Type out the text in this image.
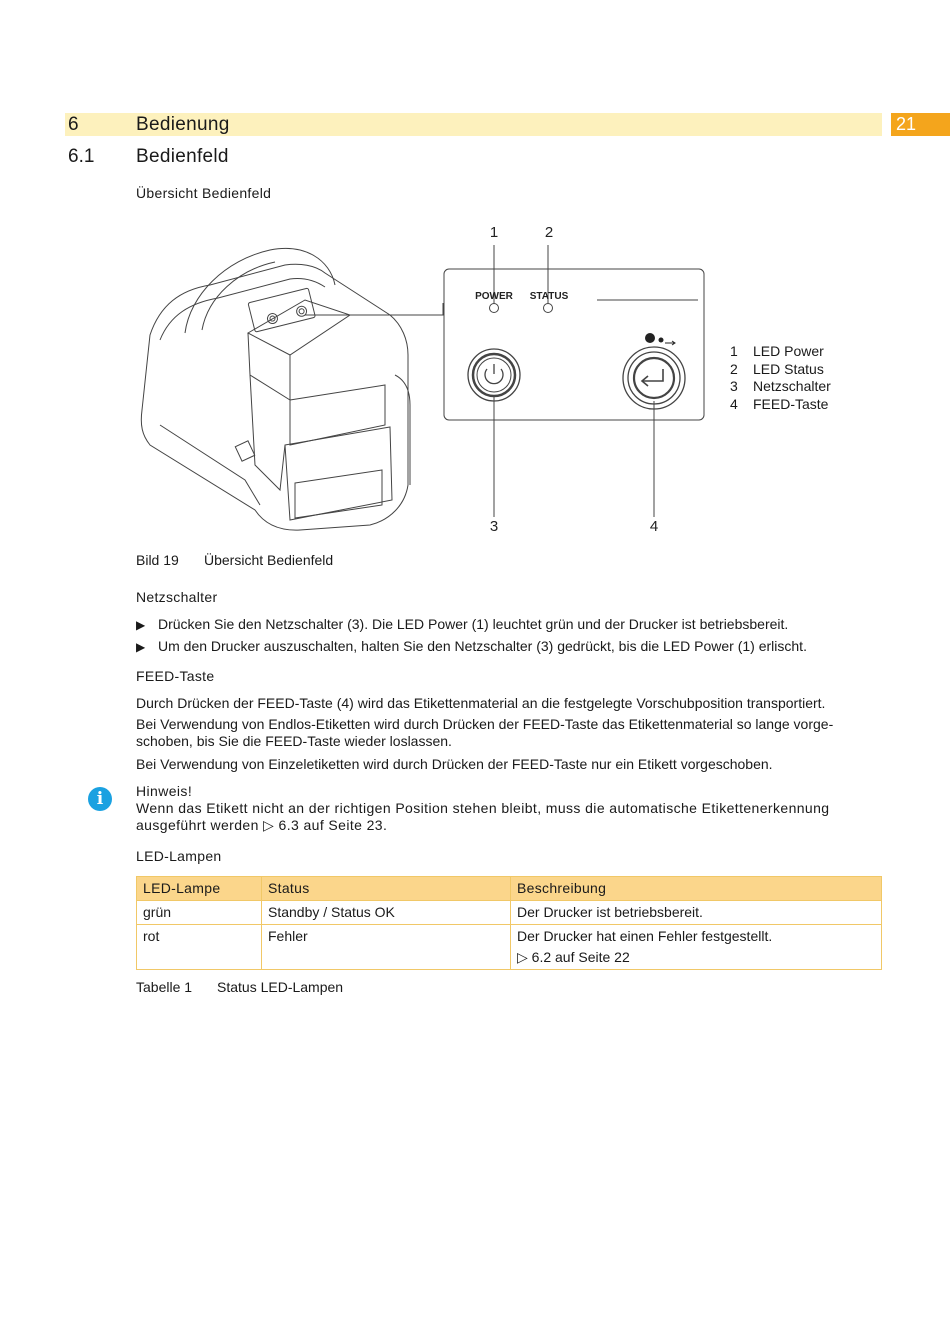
6	Bedienung	21
6.1 Bedienfeld
Übersicht Bedienfeld
POWER STATUS
1	2
3	4
1 LED Power
2 LED Status
3 Netzschalter
4 FEED-Taste
Bild 19 Übersicht Bedienfeld
Netzschalter
▶ Drücken Sie den Netzschalter (3). Die LED Power (1) leuchtet grün und der Drucker ist betriebsbereit.
▶ Um den Drucker auszuschalten, halten Sie den Netzschalter (3) gedrückt, bis die LED Power (1) erlischt.
FEED-Taste
Durch Drücken der FEED-Taste (4) wird das Etikettenmaterial an die festgelegte Vorschubposition transportiert.
Bei Verwendung von Endlos-Etiketten wird durch Drücken der FEED-Taste das Etikettenmaterial so lange vorge-
schoben, bis Sie die FEED-Taste wieder loslassen.
Bei Verwendung von Einzeletiketten wird durch Drücken der FEED-Taste nur ein Etikett vorgeschoben.
i	Hinweis!
Wenn das Etikett nicht an der richtigen Position stehen bleibt, muss die automatische Etikettenerkennung
ausgeführt werden ▷ 6.3 auf Seite 23.
LED-Lampen
LED-Lampe	Status	Beschreibung
grün	Standby / Status OK	Der Drucker ist betriebsbereit.
rot	Fehler	Der Drucker hat einen Fehler festgestellt.
▷ 6.2 auf Seite 22
Tabelle 1 Status LED-Lampen
